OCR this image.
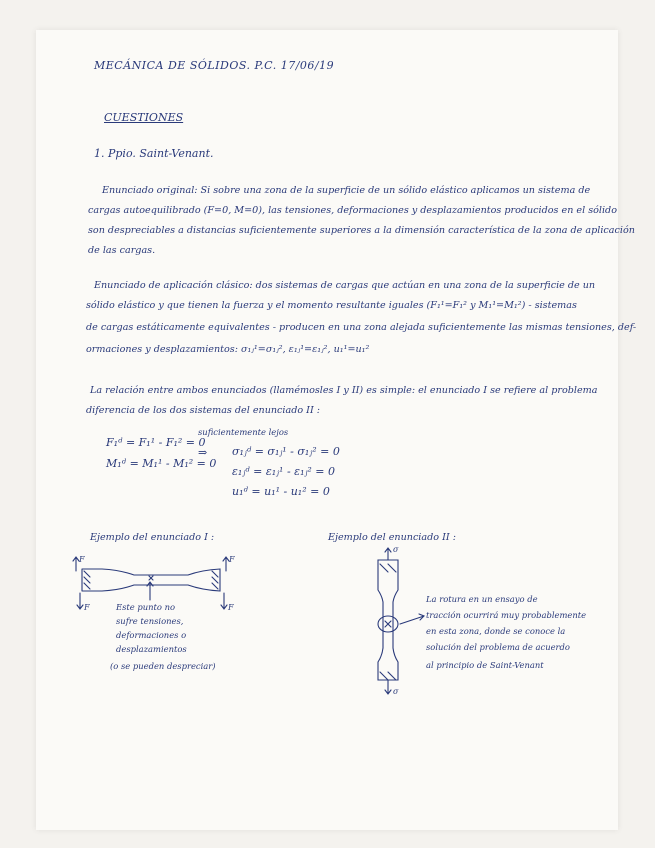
MECÁNICA DE SÓLIDOS. P.C. 17/06/19
CUESTIONES
1. Ppio. Saint-Venant.
Enunciado original: Si sobre una zona de la superficie de un sólido elástico aplicamos un sistema de
cargas autoequilibrado (F=0, M=0), las tensiones, deformaciones y desplazamientos producidos en el sólido
son despreciables a distancias suficientemente superiores a la dimensión característica de la zona de aplicación
de las cargas.
Enunciado de aplicación clásico: dos sistemas de cargas que actúan en una zona de la superficie de un
sólido elástico y que tienen la fuerza y el momento resultante iguales (F₁¹=F₁² y M₁¹=M₁²) - sistemas
de cargas estáticamente equivalentes - producen en una zona alejada suficientemente las mismas tensiones, def-
ormaciones y desplazamientos: σ₁ⱼ¹=σ₁ⱼ², ε₁ⱼ¹=ε₁ⱼ², u₁¹=u₁²
La relación entre ambos enunciados (llamémosles I y II) es simple: el enunciado I se refiere al problema
diferencia de los dos sistemas del enunciado II :
F₁ᵈ = F₁¹ - F₁² = 0
M₁ᵈ = M₁¹ - M₁² = 0
suficientemente lejos
⇒ σ₁ⱼᵈ = σ₁ⱼ¹ - σ₁ⱼ² = 0
ε₁ⱼᵈ = ε₁ⱼ¹ - ε₁ⱼ² = 0
u₁ᵈ = u₁¹ - u₁² = 0
Ejemplo del enunciado I :
Este punto no
sufre tensiones,
deformaciones o
desplazamientos
(o se pueden despreciar)
Ejemplo del enunciado II :
La rotura en un ensayo de
tracción ocurrirá muy probablemente
en esta zona, donde se conoce la
solución del problema de acuerdo
al principio de Saint-Venant
F	F
F	F
σ
σ
